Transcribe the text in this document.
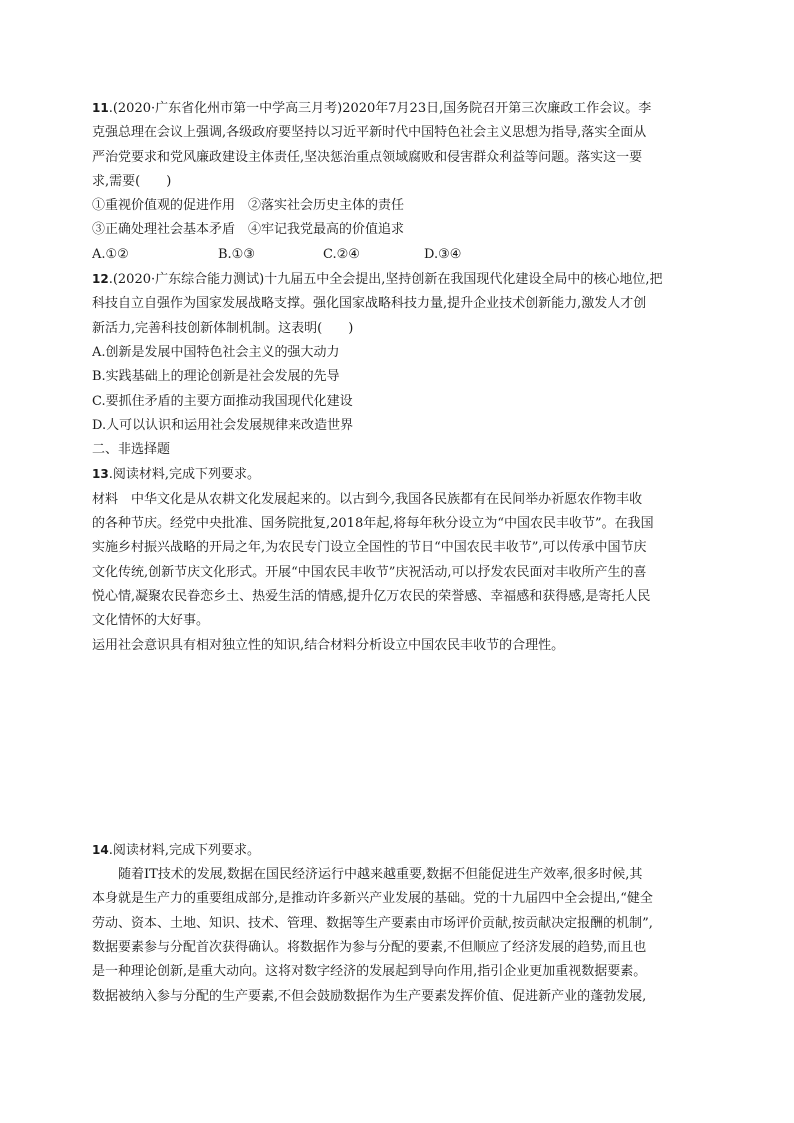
11.(2020·广东省化州市第一中学高三月考)2020年7月23日,国务院召开第三次廉政工作会议。李
克强总理在会议上强调,各级政府要坚持以习近平新时代中国特色社会主义思想为指导,落实全面从
严治党要求和党风廉政建设主体责任,坚决惩治重点领域腐败和侵害群众利益等问题。落实这一要
求,需要(　　)
①重视价值观的促进作用　②落实社会历史主体的责任
③正确处理社会基本矛盾　④牢记我党最高的价值追求
A.①②	B.①③	C.②④	D.③④
12.(2020·广东综合能力测试)十九届五中全会提出,坚持创新在我国现代化建设全局中的核心地位,把
科技自立自强作为国家发展战略支撑。强化国家战略科技力量,提升企业技术创新能力,激发人才创
新活力,完善科技创新体制机制。这表明(　　)
A.创新是发展中国特色社会主义的强大动力
B.实践基础上的理论创新是社会发展的先导
C.要抓住矛盾的主要方面推动我国现代化建设
D.人可以认识和运用社会发展规律来改造世界
二、非选择题
13.阅读材料,完成下列要求。
材料　中华文化是从农耕文化发展起来的。以古到今,我国各民族都有在民间举办祈愿农作物丰收
的各种节庆。经党中央批准、国务院批复,2018年起,将每年秋分设立为“中国农民丰收节”。在我国
实施乡村振兴战略的开局之年,为农民专门设立全国性的节日“中国农民丰收节”,可以传承中国节庆
文化传统,创新节庆文化形式。开展“中国农民丰收节”庆祝活动,可以抒发农民面对丰收所产生的喜
悦心情,凝聚农民眷恋乡土、热爱生活的情感,提升亿万农民的荣誉感、幸福感和获得感,是寄托人民
文化情怀的大好事。
运用社会意识具有相对独立性的知识,结合材料分析设立中国农民丰收节的合理性。
14.阅读材料,完成下列要求。
随着IT技术的发展,数据在国民经济运行中越来越重要,数据不但能促进生产效率,很多时候,其
本身就是生产力的重要组成部分,是推动许多新兴产业发展的基础。党的十九届四中全会提出,“健全
劳动、资本、土地、知识、技术、管理、数据等生产要素由市场评价贡献,按贡献决定报酬的机制”,
数据要素参与分配首次获得确认。将数据作为参与分配的要素,不但顺应了经济发展的趋势,而且也
是一种理论创新,是重大动向。这将对数字经济的发展起到导向作用,指引企业更加重视数据要素。
数据被纳入参与分配的生产要素,不但会鼓励数据作为生产要素发挥价值、促进新产业的蓬勃发展,
